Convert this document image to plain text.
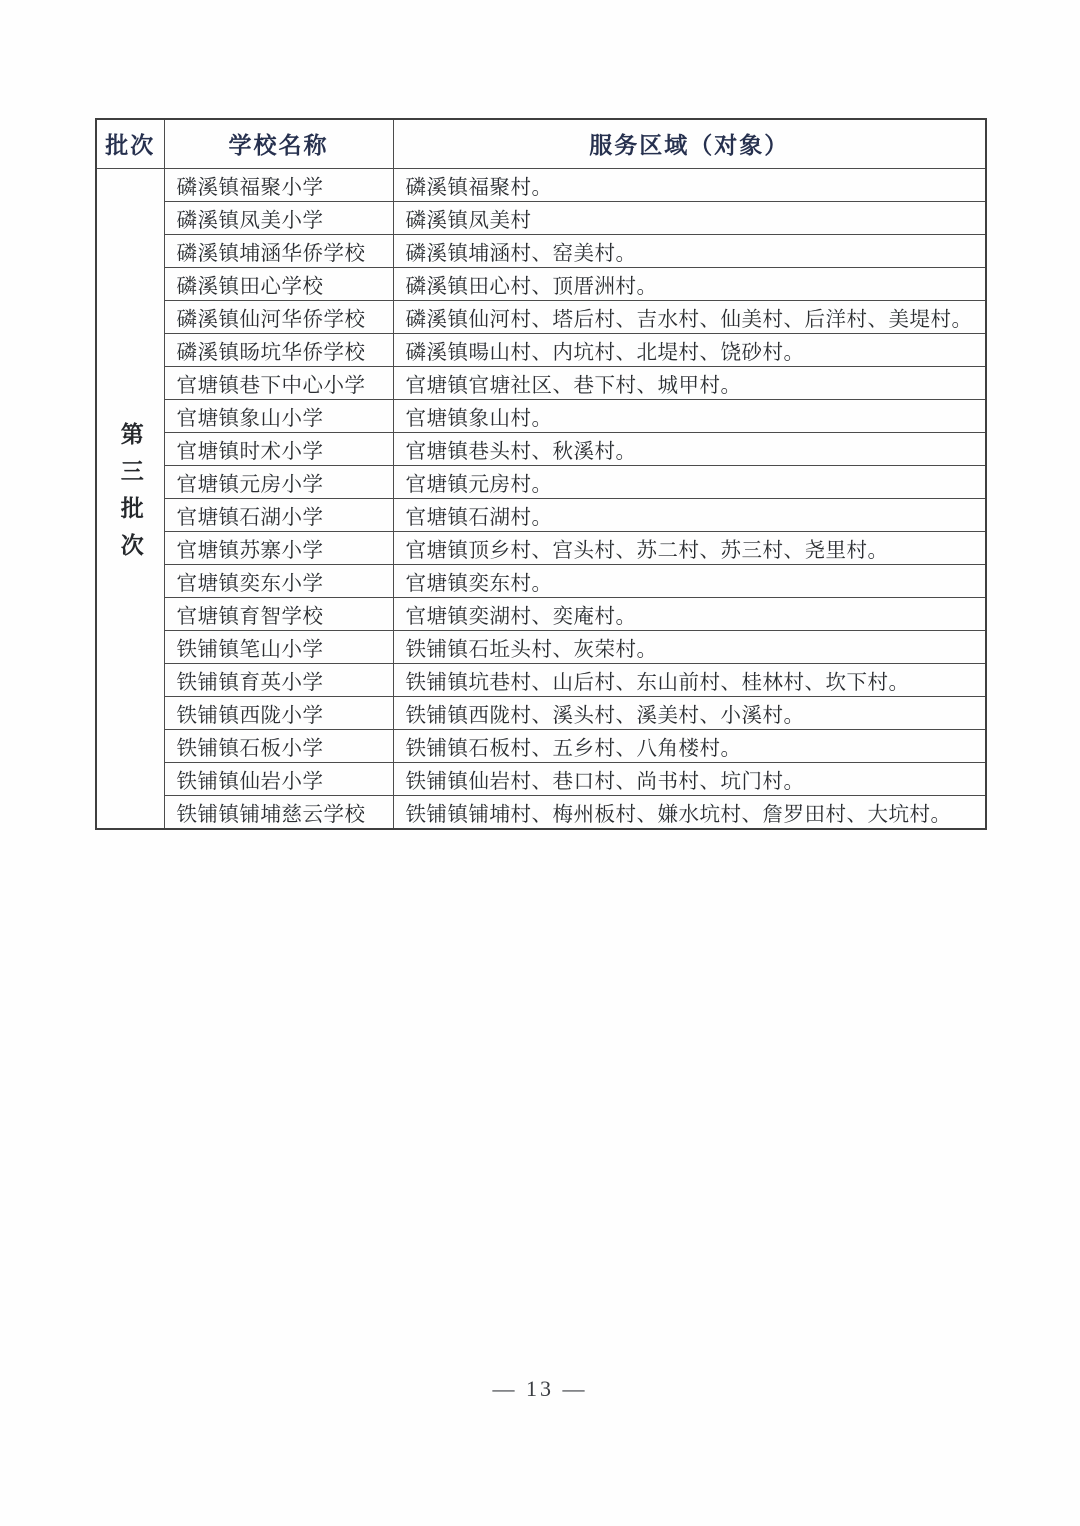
批次	学校名称	服务区域（对象）
第三批次	磷溪镇福聚小学	磷溪镇福聚村。
	磷溪镇凤美小学	磷溪镇凤美村
	磷溪镇埔涵华侨学校	磷溪镇埔涵村、窑美村。
	磷溪镇田心学校	磷溪镇田心村、顶厝洲村。
	磷溪镇仙河华侨学校	磷溪镇仙河村、塔后村、吉水村、仙美村、后洋村、美堤村。
	磷溪镇旸坑华侨学校	磷溪镇暘山村、内坑村、北堤村、饶砂村。
	官塘镇巷下中心小学	官塘镇官塘社区、巷下村、城甲村。
	官塘镇象山小学	官塘镇象山村。
	官塘镇时术小学	官塘镇巷头村、秋溪村。
	官塘镇元房小学	官塘镇元房村。
	官塘镇石湖小学	官塘镇石湖村。
	官塘镇苏寨小学	官塘镇顶乡村、宫头村、苏二村、苏三村、尧里村。
	官塘镇奕东小学	官塘镇奕东村。
	官塘镇育智学校	官塘镇奕湖村、奕庵村。
	铁铺镇笔山小学	铁铺镇石坵头村、灰荣村。
	铁铺镇育英小学	铁铺镇坑巷村、山后村、东山前村、桂林村、坎下村。
	铁铺镇西陇小学	铁铺镇西陇村、溪头村、溪美村、小溪村。
	铁铺镇石板小学	铁铺镇石板村、五乡村、八角楼村。
	铁铺镇仙岩小学	铁铺镇仙岩村、巷口村、尚书村、坑门村。
	铁铺镇铺埔慈云学校	铁铺镇铺埔村、梅州板村、嫌水坑村、詹罗田村、大坑村。
— 13 —
